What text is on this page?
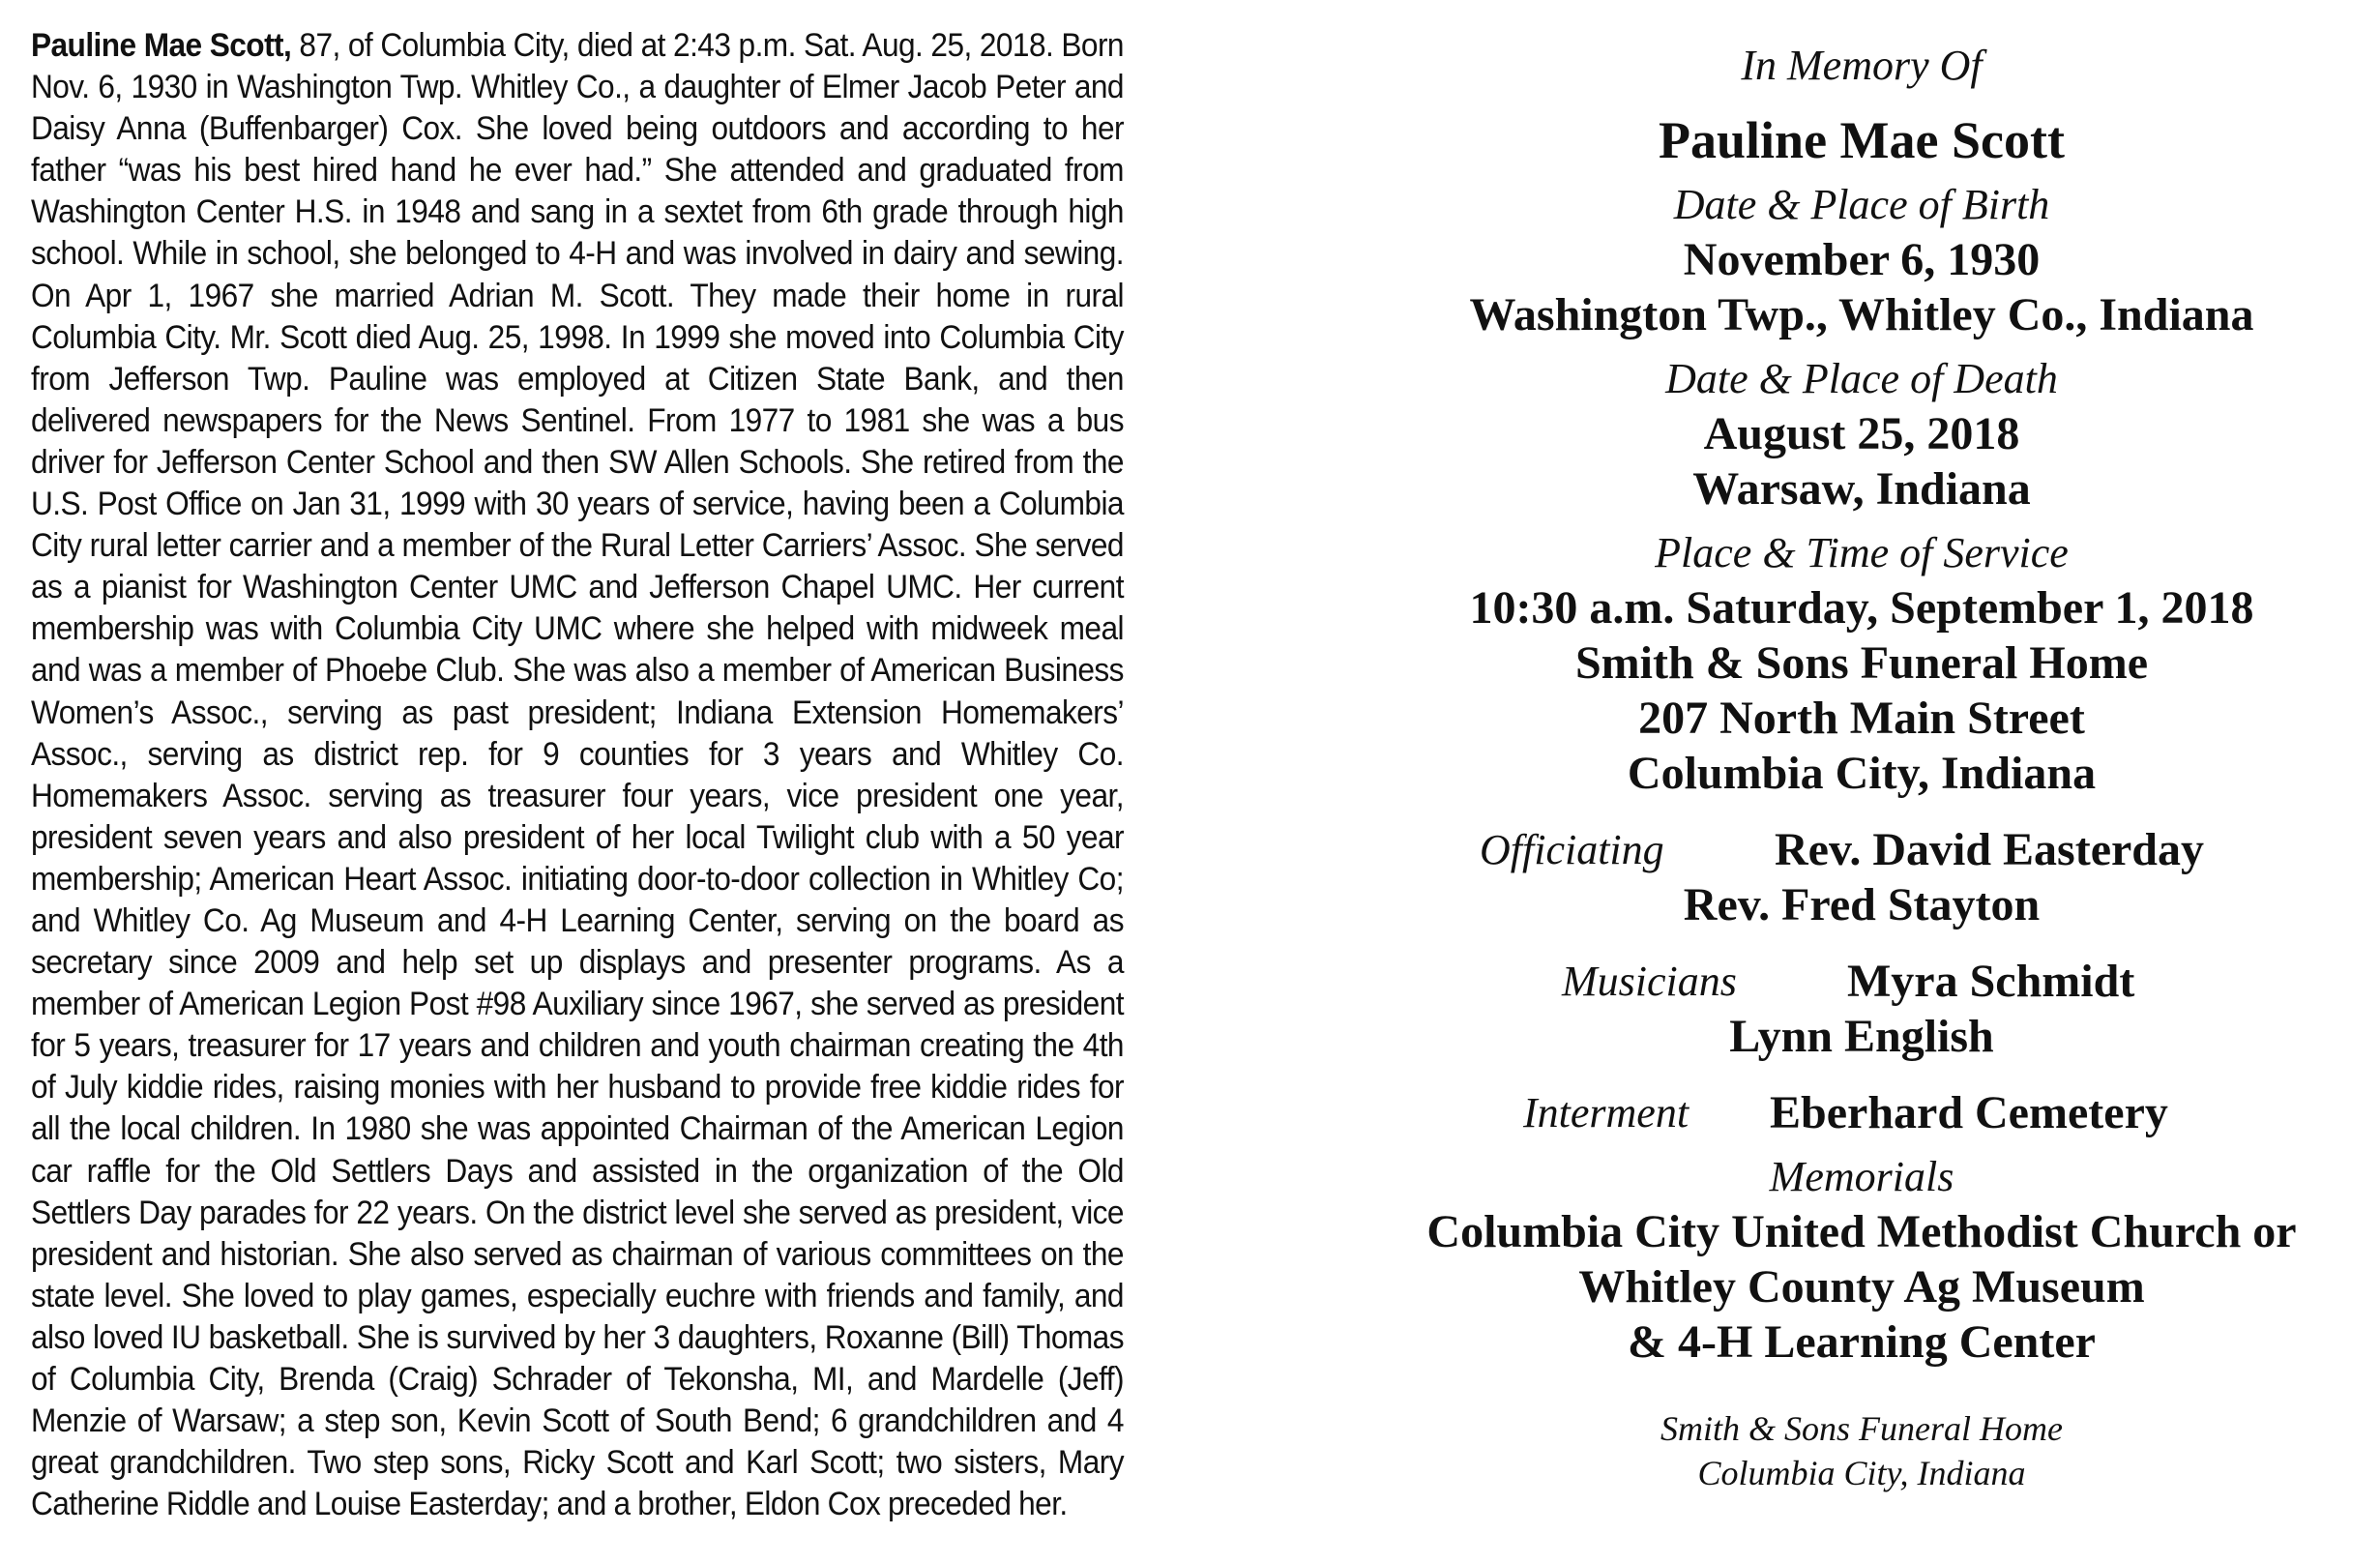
Pauline Mae Scott, 87, of Columbia City, died at 2:43 p.m. Sat. Aug. 25, 2018. Born Nov. 6, 1930 in Washington Twp. Whitley Co., a daughter of Elmer Jacob Peter and Daisy Anna (Buffenbarger) Cox. She loved being outdoors and according to her father “was his best hired hand he ever had.” She attended and graduated from Washington Center H.S. in 1948 and sang in a sextet from 6th grade through high school. While in school, she belonged to 4-H and was involved in dairy and sewing. On Apr 1, 1967 she married Adrian M. Scott. They made their home in rural Columbia City. Mr. Scott died Aug. 25, 1998. In 1999 she moved into Columbia City from Jefferson Twp. Pauline was employed at Citizen State Bank, and then delivered newspapers for the News Sentinel. From 1977 to 1981 she was a bus driver for Jefferson Center School and then SW Allen Schools. She retired from the U.S. Post Office on Jan 31, 1999 with 30 years of service, having been a Columbia City rural letter carrier and a member of the Rural Letter Carriers’ Assoc. She served as a pianist for Washington Center UMC and Jefferson Chapel UMC. Her current membership was with Columbia City UMC where she helped with midweek meal and was a member of Phoebe Club. She was also a member of American Business Women’s Assoc., serving as past president; Indiana Extension Homemakers’ Assoc., serving as district rep. for 9 counties for 3 years and Whitley Co. Homemakers Assoc. serving as treasurer four years, vice president one year, president seven years and also president of her local Twilight club with a 50 year membership; American Heart Assoc. initiating door-to-door collection in Whitley Co; and Whitley Co. Ag Museum and 4-H Learning Center, serving on the board as secretary since 2009 and help set up displays and presenter programs. As a member of American Legion Post #98 Auxiliary since 1967, she served as president for 5 years, treasurer for 17 years and children and youth chairman creating the 4th of July kiddie rides, raising monies with her husband to provide free kiddie rides for all the local children. In 1980 she was appointed Chairman of the American Legion car raffle for the Old Settlers Days and assisted in the organization of the Old Settlers Day parades for 22 years. On the district level she served as president, vice president and historian. She also served as chairman of various committees on the state level. She loved to play games, especially euchre with friends and family, and also loved IU basketball. She is survived by her 3 daughters, Roxanne (Bill) Thomas of Columbia City, Brenda (Craig) Schrader of Tekonsha, MI, and Mardelle (Jeff) Menzie of Warsaw; a step son, Kevin Scott of South Bend; 6 grandchildren and 4 great grandchildren. Two step sons, Ricky Scott and Karl Scott; two sisters, Mary Catherine Riddle and Louise Easterday; and a brother, Eldon Cox preceded her.

In Memory Of

Pauline Mae Scott

Date & Place of Birth

November 6, 1930

Washington Twp., Whitley Co., Indiana

Date & Place of Death

August 25, 2018

Warsaw, Indiana

Place & Time of Service

10:30 a.m. Saturday, September 1, 2018

Smith & Sons Funeral Home

207 North Main Street

Columbia City, Indiana

Officiating Rev. David Easterday

Rev. Fred Stayton

Musicians Myra Schmidt

Lynn English

Interment Eberhard Cemetery

Memorials

Columbia City United Methodist Church or

Whitley County Ag Museum

& 4-H Learning Center

Smith & Sons Funeral Home

Columbia City, Indiana
